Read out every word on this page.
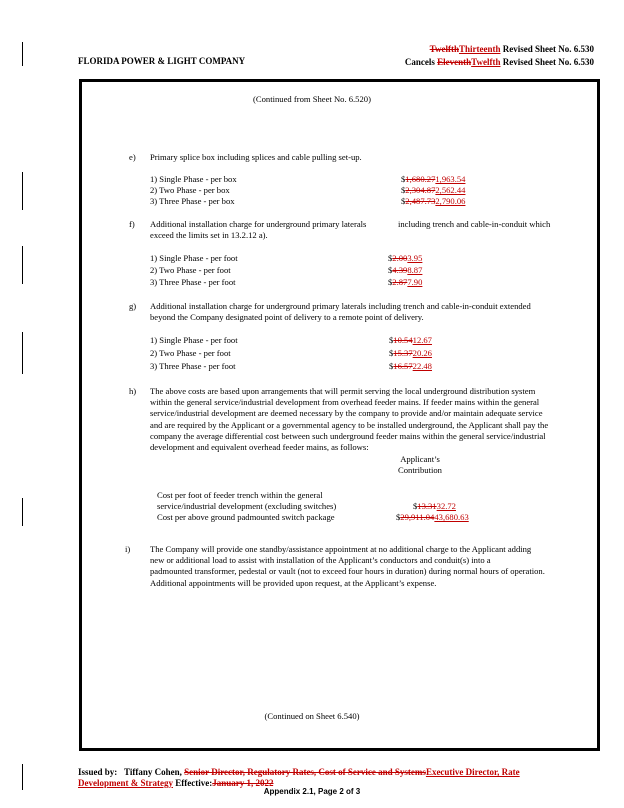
FLORIDA POWER & LIGHT COMPANY
TwelfthThirteenth Revised Sheet No. 6.530
Cancels EleventhTwelfth Revised Sheet No. 6.530
(Continued from Sheet No. 6.520)
e) Primary splice box including splices and cable pulling set-up.
1) Single Phase - per box	$1,680.271,963.54
2) Two Phase - per box	$2,304.872,562.44
3) Three Phase - per box	$2,487.732,790.06
f) Additional installation charge for underground primary laterals	including trench and cable-in-conduit which
exceed the limits set in 13.2.12 a).
1) Single Phase - per foot	$2.003.95
2) Two Phase - per foot	$4.398.87
3) Three Phase - per foot	$2.877.90
g) Additional installation charge for underground primary laterals including trench and cable-in-conduit extended
beyond the Company designated point of delivery to a remote point of delivery.
1) Single Phase - per foot	$10.5412.67
2) Two Phase - per foot	$15.3720.26
3) Three Phase - per foot	$16.5722.48
h) The above costs are based upon arrangements that will permit serving the local underground distribution system
within the general service/industrial development from overhead feeder mains. If feeder mains within the general
service/industrial development are deemed necessary by the company to provide and/or maintain adequate service
and are required by the Applicant or a governmental agency to be installed underground, the Applicant shall pay the
company the average differential cost between such underground feeder mains within the general service/industrial
development and equivalent overhead feeder mains, as follows:
Applicant’s
Contribution
Cost per foot of feeder trench within the general
service/industrial development (excluding switches)	$13.3132.72
Cost per above ground padmounted switch package	$29,911.0443,680.63
i) The Company will provide one standby/assistance appointment at no additional charge to the Applicant adding
new or additional load to assist with installation of the Applicant’s conductors and conduit(s) into a
padmounted transformer, pedestal or vault (not to exceed four hours in duration) during normal hours of operation.
Additional appointments will be provided upon request, at the Applicant’s expense.
(Continued on Sheet 6.540)
Issued by: Tiffany Cohen, Senior Director, Regulatory Rates, Cost of Service and SystemsExecutive Director, Rate
Development & Strategy Effective:January 1, 2022
Appendix 2.1, Page 2 of 3
